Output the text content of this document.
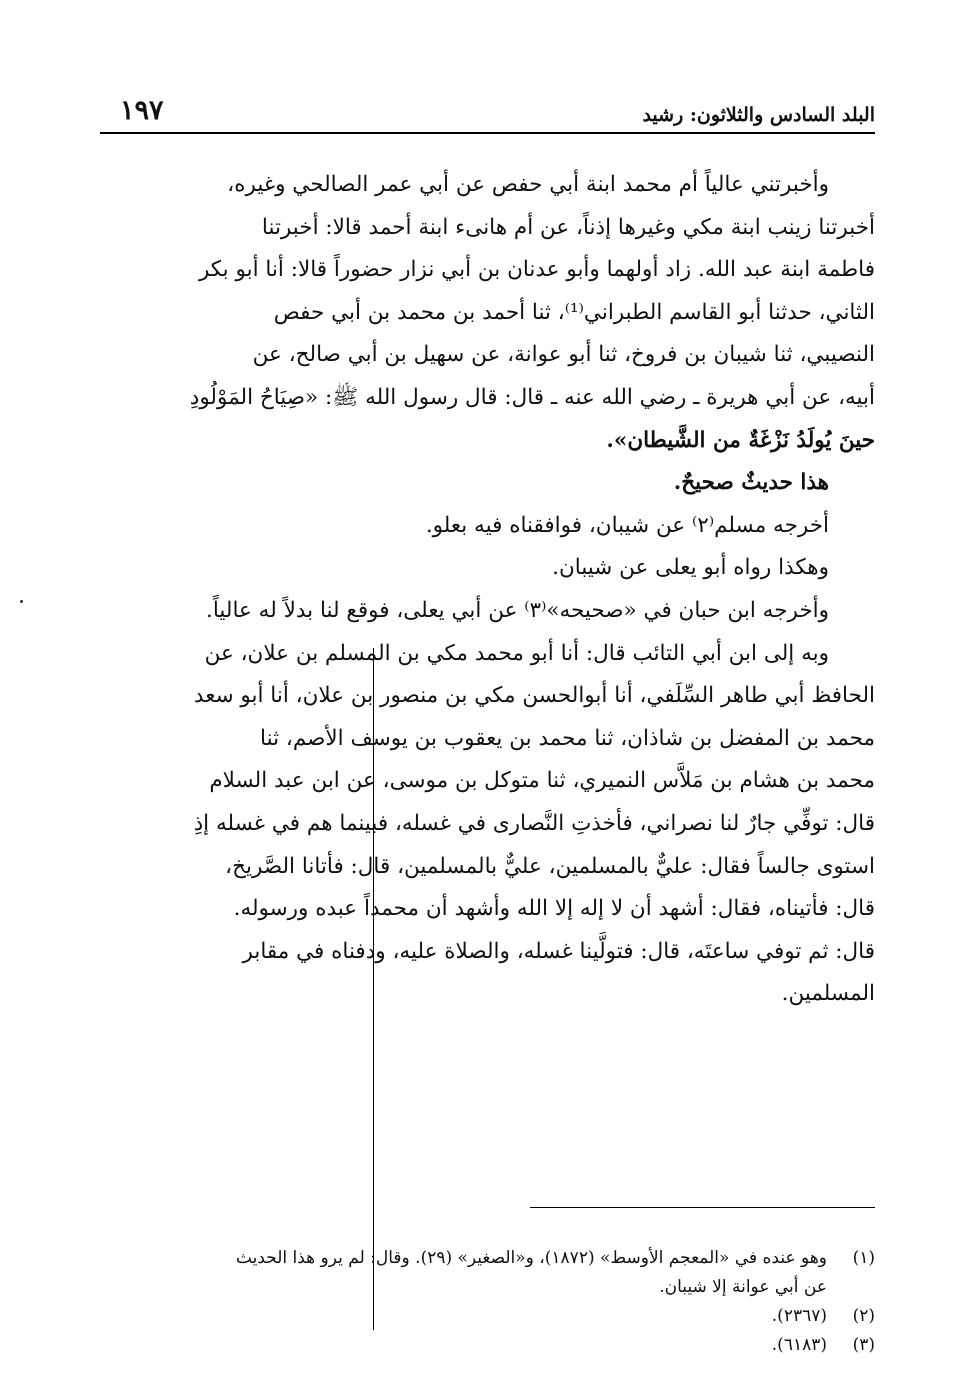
البلد السادس والثلاثون: رشيد
١٩٧

وأخبرتني عالياً أم محمد ابنة أبي حفص عن أبي عمر الصالحي وغيره،

أخبرتنا زينب ابنة مكي وغيرها إذناً، عن أم هانىء ابنة أحمد قالا: أخبرتنا

فاطمة ابنة عبد الله. زاد أولهما وأبو عدنان بن أبي نزار حضوراً قالا: أنا أبو بكر

الثاني، حدثنا أبو القاسم الطبراني⁽¹⁾، ثنا أحمد بن محمد بن أبي حفص

النصيبي، ثنا شيبان بن فروخ، ثنا أبو عوانة، عن سهيل بن أبي صالح، عن

أبيه، عن أبي هريرة ـ رضي الله عنه ـ قال: قال رسول الله ﷺ: «صِيَاحُ المَوْلُودِ

حينَ يُولَدُ نَزْغَةٌ من الشَّيطان».

هذا حديثٌ صحيحٌ.

أخرجه مسلم⁽٢⁾ عن شيبان، فوافقناه فيه بعلو.

وهكذا رواه أبو يعلى عن شيبان.

وأخرجه ابن حبان في «صحيحه»⁽٣⁾ عن أبي يعلى، فوقع لنا بدلاً له عالياً.

وبه إلى ابن أبي التائب قال: أنا أبو محمد مكي بن المسلم بن علان، عن

الحافظ أبي طاهر السِّلَفي، أنا أبوالحسن مكي بن منصور بن علان، أنا أبو سعد

محمد بن المفضل بن شاذان، ثنا محمد بن يعقوب بن يوسف الأصم، ثنا

محمد بن هشام بن مَلاَّس النميري، ثنا متوكل بن موسى، عن ابن عبد السلام

قال: توفِّي جارٌ لنا نصراني، فأخذتِ النَّصارى في غسله، فبينما هم في غسله إذِ

استوى جالساً فقال: عليٌّ بالمسلمين، عليٌّ بالمسلمين، قال: فأتانا الصَّريخ،

قال: فأتيناه، فقال: أشهد أن لا إله إلا الله وأشهد أن محمداً عبده ورسوله.

قال: ثم توفي ساعتَه، قال: فتولَّينا غسله، والصلاة عليه، ودفناه في مقابر

المسلمين.

(١)
وهو عنده في «المعجم الأوسط» (١٨٧٢)، و«الصغير» (٢٩). وقال: لم يرو هذا الحديث
عن أبي عوانة إلا شيبان.
(٢)
(٢٣٦٧).
(٣)
(٦١٨٣).
